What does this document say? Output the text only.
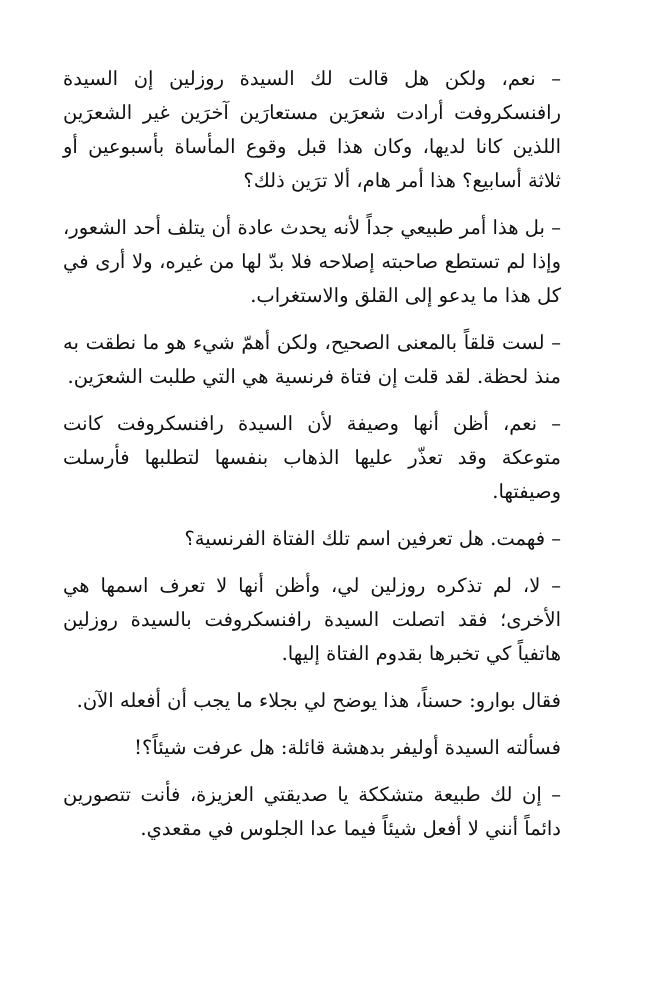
– نعم، ولكن هل قالت لك السيدة روزلين إن السيدة رافنسكروفت أرادت شعرَين مستعارَين آخرَين غير الشعرَين اللذين كانا لديها، وكان هذا قبل وقوع المأساة بأسبوعين أو ثلاثة أسابيع؟ هذا أمر هام، ألا ترَين ذلك؟

– بل هذا أمر طبيعي جداً لأنه يحدث عادة أن يتلف أحد الشعور، وإذا لم تستطع صاحبته إصلاحه فلا بدّ لها من غيره، ولا أرى في كل هذا ما يدعو إلى القلق والاستغراب.

– لست قلقاً بالمعنى الصحيح، ولكن أهمّ شيء هو ما نطقت به منذ لحظة. لقد قلت إن فتاة فرنسية هي التي طلبت الشعرَين.

– نعم، أظن أنها وصيفة لأن السيدة رافنسكروفت كانت متوعكة وقد تعذّر عليها الذهاب بنفسها لتطلبها فأرسلت وصيفتها.

– فهمت. هل تعرفين اسم تلك الفتاة الفرنسية؟

– لا، لم تذكره روزلين لي، وأظن أنها لا تعرف اسمها هي الأخرى؛ فقد اتصلت السيدة رافنسكروفت بالسيدة روزلين هاتفياً كي تخبرها بقدوم الفتاة إليها.

فقال بوارو: حسناً، هذا يوضح لي بجلاء ما يجب أن أفعله الآن.

فسألته السيدة أوليفر بدهشة قائلة: هل عرفت شيئاً؟!

– إن لك طبيعة متشككة يا صديقتي العزيزة، فأنت تتصورين دائماً أنني لا أفعل شيئاً فيما عدا الجلوس في مقعدي.
